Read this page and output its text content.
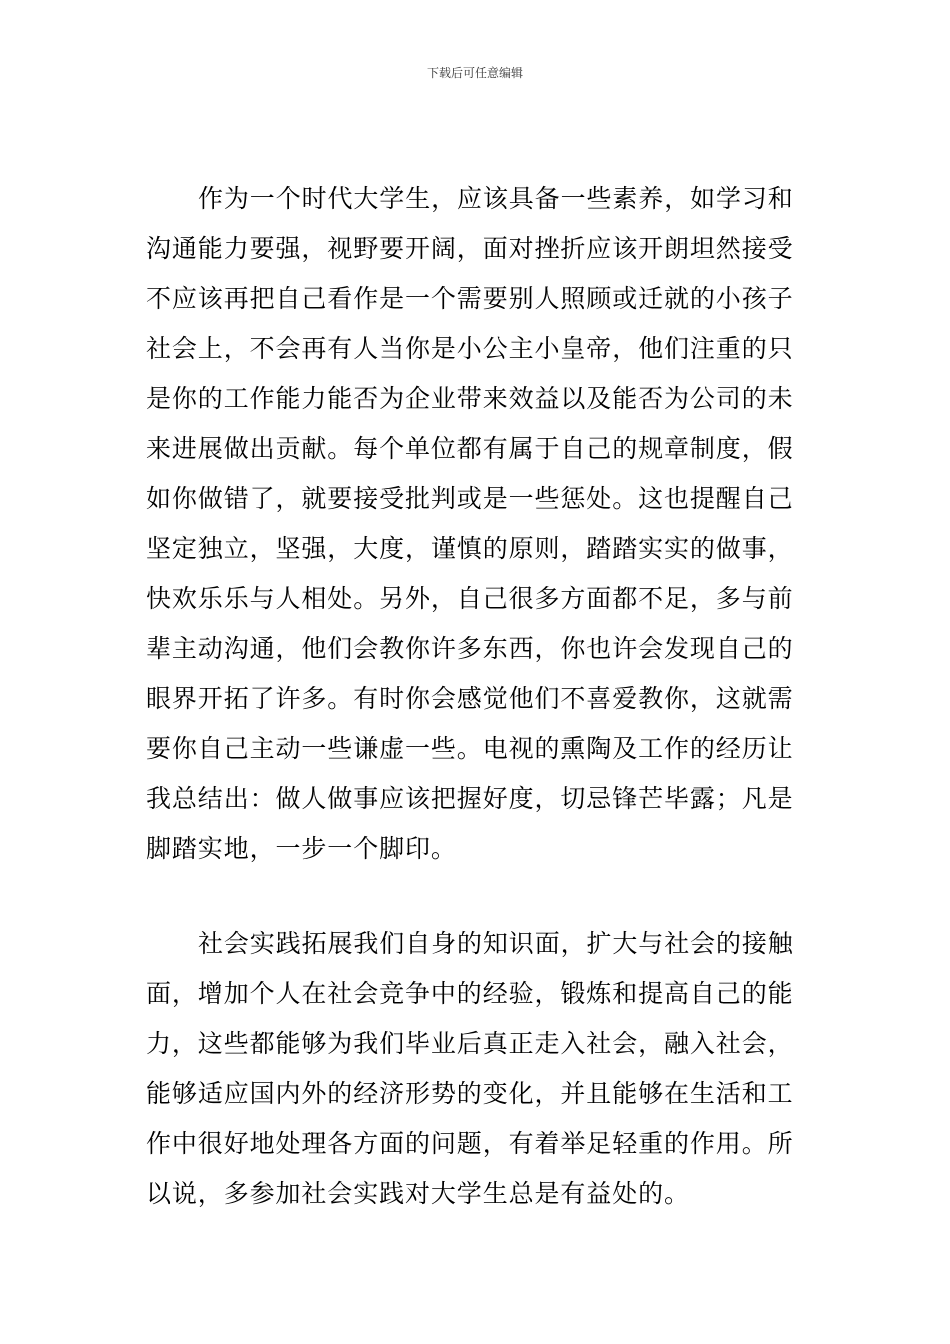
下载后可任意编辑
作为一个时代大学生，应该具备一些素养，如学习和
沟通能力要强，视野要开阔，面对挫折应该开朗坦然接受
不应该再把自己看作是一个需要别人照顾或迁就的小孩子
社会上，不会再有人当你是小公主小皇帝，他们注重的只
是你的工作能力能否为企业带来效益以及能否为公司的未
来进展做出贡献。每个单位都有属于自己的规章制度，假
如你做错了，就要接受批判或是一些惩处。这也提醒自己
坚定独立，坚强，大度，谨慎的原则，踏踏实实的做事，
快欢乐乐与人相处。另外，自己很多方面都不足，多与前
辈主动沟通，他们会教你许多东西，你也许会发现自己的
眼界开拓了许多。有时你会感觉他们不喜爱教你，这就需
要你自己主动一些谦虚一些。电视的熏陶及工作的经历让
我总结出：做人做事应该把握好度，切忌锋芒毕露；凡是
脚踏实地，一步一个脚印。
社会实践拓展我们自身的知识面，扩大与社会的接触
面，增加个人在社会竞争中的经验，锻炼和提高自己的能
力，这些都能够为我们毕业后真正走入社会，融入社会，
能够适应国内外的经济形势的变化，并且能够在生活和工
作中很好地处理各方面的问题，有着举足轻重的作用。所
以说，多参加社会实践对大学生总是有益处的。
